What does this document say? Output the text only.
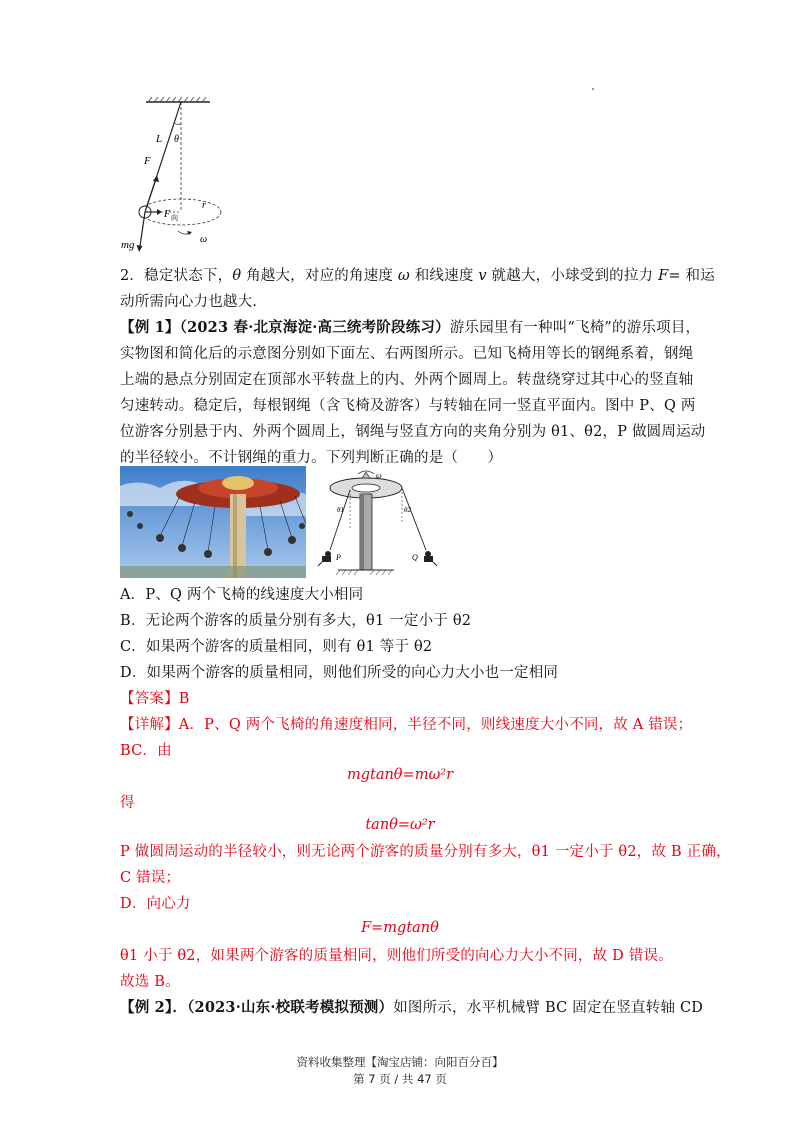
L θ
F
F 向
r
ω
mg
2．稳定状态下，θ 角越大，对应的角速度 ω 和线速度 v 就越大，小球受到的拉力 F= 和运
动所需向心力也越大.
【例 1】（2023 春·北京海淀·高三统考阶段练习）游乐园里有一种叫“飞椅”的游乐项目，
实物图和简化后的示意图分别如下面左、右两图所示。已知飞椅用等长的钢绳系着，钢绳
上端的悬点分别固定在顶部水平转盘上的内、外两个圆周上。转盘绕穿过其中心的竖直轴
匀速转动。稳定后，每根钢绳（含飞椅及游客）与转轴在同一竖直平面内。图中 P、Q 两
位游客分别悬于内、外两个圆周上，钢绳与竖直方向的夹角分别为 θ1、θ2，P 做圆周运动
的半径较小。不计钢绳的重力。下列判断正确的是（　　）
ω
θ1	θ2
P	Q
A．P、Q 两个飞椅的线速度大小相同
B．无论两个游客的质量分别有多大，θ1 一定小于 θ2
C．如果两个游客的质量相同，则有 θ1 等于 θ2
D．如果两个游客的质量相同，则他们所受的向心力大小也一定相同
【答案】B
【详解】A．P、Q 两个飞椅的角速度相同，半径不同，则线速度大小不同，故 A 错误；
BC．由
mgtanθ=mω²r
得
tanθ=ω²r
P 做圆周运动的半径较小，则无论两个游客的质量分别有多大，θ1 一定小于 θ2，故 B 正确，
C 错误；
D．向心力
F=mgtanθ
θ1 小于 θ2，如果两个游客的质量相同，则他们所受的向心力大小不同，故 D 错误。
故选 B。
【例 2】．（2023·山东·校联考模拟预测）如图所示，水平机械臂 BC 固定在竖直转轴 CD
资料收集整理【淘宝店铺：向阳百分百】
第 7 页 / 共 47 页
